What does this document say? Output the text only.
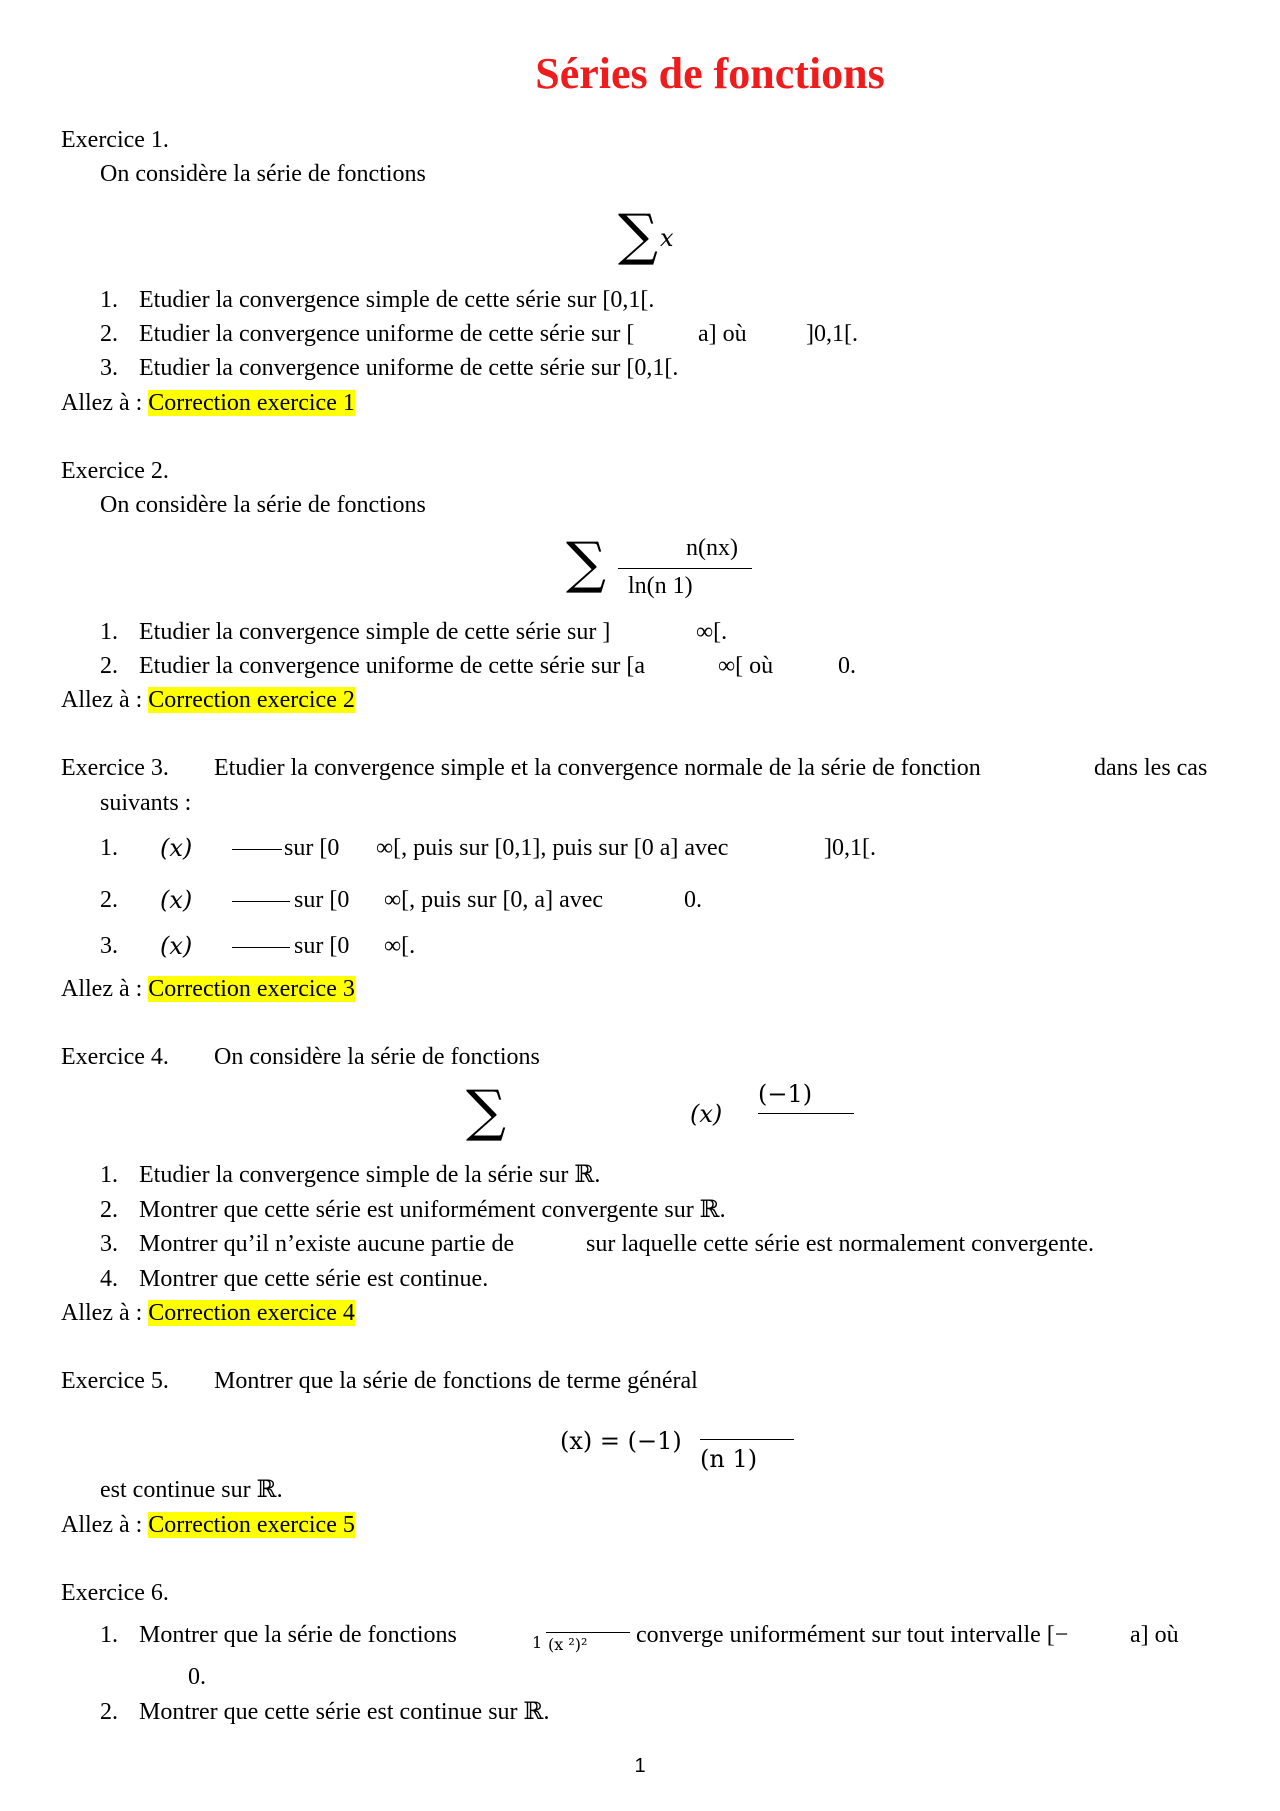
Séries de fonctions
Exercice 1.
On considère la série de fonctions
∑ x
1. Etudier la convergence simple de cette série sur [0,1[.
2. Etudier la convergence uniforme de cette série sur [	a] où ]0,1[.
3. Etudier la convergence uniforme de cette série sur [0,1[.
Allez à : Correction exercice 1
Exercice 2.
On considère la série de fonctions
∑	n(nx)
ln(n 1)
1. Etudier la convergence simple de cette série sur ]	∞[.
2. Etudier la convergence uniforme de cette série sur [a	∞[ où	0.
Allez à : Correction exercice 2
Exercice 3. Etudier la convergence simple et la convergence normale de la série de fonction	dans les cas
suivants :
1. (x)	sur [0 ∞[, puis sur [0,1], puis sur [0 a] avec	]0,1[.
2. (x)	sur [0 ∞[, puis sur [0, a] avec	0.
3. (x)	sur [0 ∞[.
Allez à : Correction exercice 3
Exercice 4. On considère la série de fonctions
∑	(x)
(−1)
1. Etudier la convergence simple de la série sur ℝ.
2. Montrer que cette série est uniformément convergente sur ℝ.
3. Montrer qu’il n’existe aucune partie de	sur laquelle cette série est normalement convergente.
4. Montrer que cette série est continue.
Allez à : Correction exercice 4
Exercice 5. Montrer que la série de fonctions de terme général
(x) = (−1)
(n 1)
est continue sur ℝ.
Allez à : Correction exercice 5
Exercice 6.
1. Montrer que la série de fonctions	1 (x ²)² converge uniformément sur tout intervalle [−	a] où
0.
2. Montrer que cette série est continue sur ℝ.
1
